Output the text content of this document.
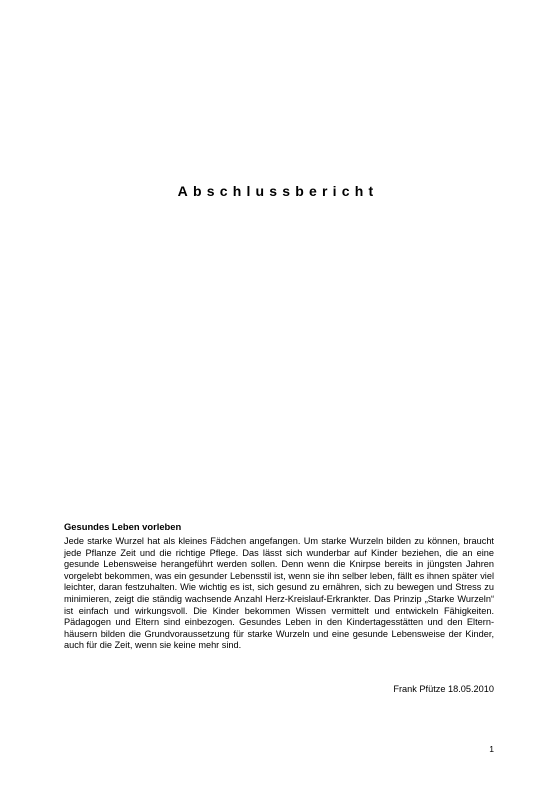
Abschlussbericht

Gesundes Leben vorleben

Jede starke Wurzel hat als kleines Fädchen angefangen. Um starke Wurzeln bilden zu können, braucht jede Pflanze Zeit und die richtige Pflege. Das lässt sich wunderbar auf Kinder beziehen, die an eine gesunde Lebensweise herangeführt werden sollen. Denn wenn die Knirpse bereits in jüngsten Jahren vorgelebt bekommen, was ein gesunder Lebensstil ist, wenn sie ihn selber leben, fällt es ihnen später viel leichter, daran festzuhalten. Wie wichtig es ist, sich gesund zu ernähren, sich zu bewegen und Stress zu minimieren, zeigt die ständig wachsende Anzahl Herz-Kreislauf-Erkrankter. Das Prinzip „Starke Wurzeln“ ist einfach und wirkungsvoll. Die Kinder bekommen Wissen vermittelt und entwickeln Fähigkeiten. Pädagogen und Eltern sind einbezogen. Gesundes Leben in den Kindertagesstätten und den Elternhäusern bilden die Grundvoraussetzung für starke Wurzeln und eine gesunde Lebensweise der Kinder, auch für die Zeit, wenn sie keine mehr sind.

Frank Pfütze 18.05.2010

1
